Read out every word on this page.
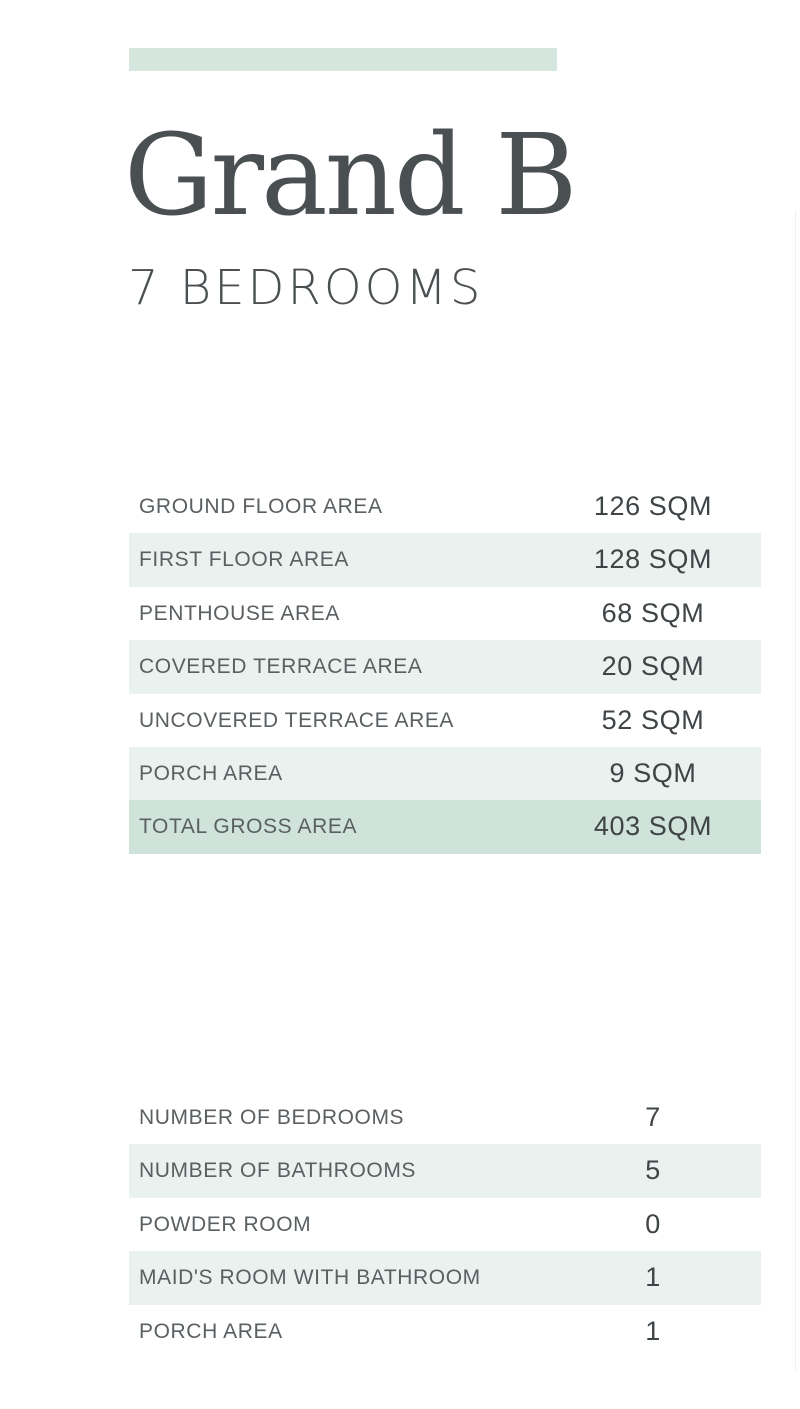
Grand B
7 BEDROOMS
GROUND FLOOR AREA	126 SQM
FIRST FLOOR AREA	128 SQM
PENTHOUSE AREA	68 SQM
COVERED TERRACE AREA	20 SQM
UNCOVERED TERRACE AREA	52 SQM
PORCH AREA	9 SQM
TOTAL GROSS AREA	403 SQM
NUMBER OF BEDROOMS	7
NUMBER OF BATHROOMS	5
POWDER ROOM	0
MAID'S ROOM WITH BATHROOM	1
PORCH AREA	1
